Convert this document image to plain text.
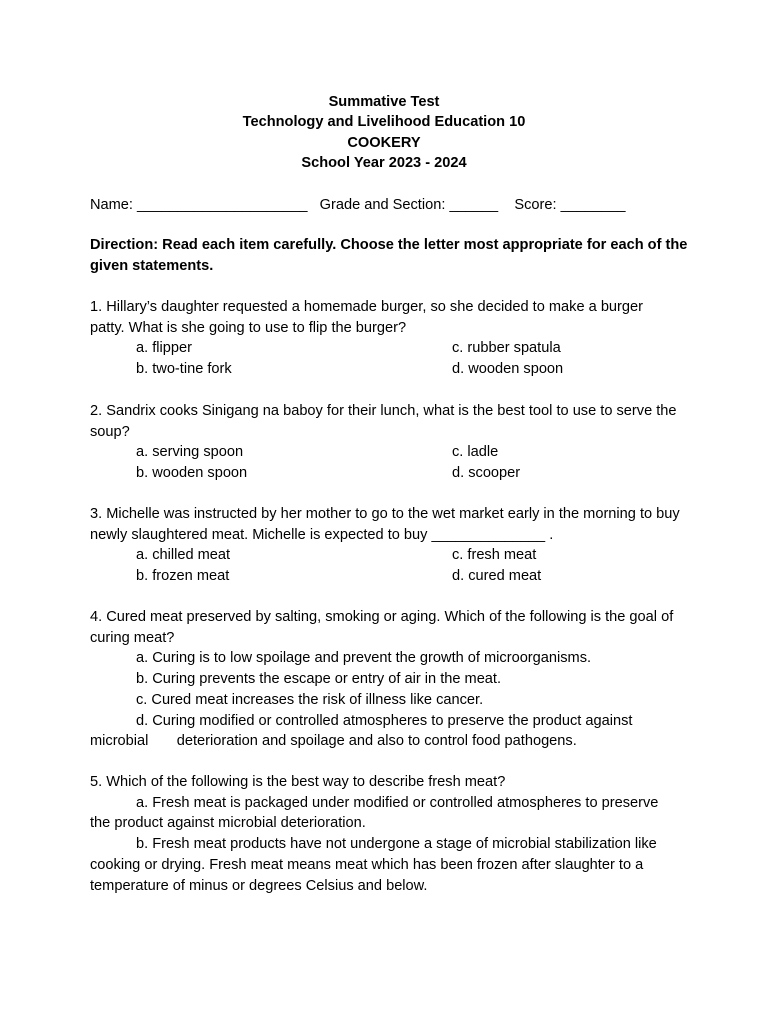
Summative Test
Technology and Livelihood Education 10
COOKERY
School Year 2023 - 2024
Name: _____________________   Grade and Section: ______    Score: ________
Direction: Read each item carefully. Choose the letter most appropriate for each of the given statements.
1. Hillary’s daughter requested a homemade burger, so she decided to make a burger patty. What is she going to use to flip the burger?
a. flipper	c. rubber spatula
b. two-tine fork	d. wooden spoon
2. Sandrix cooks Sinigang na baboy for their lunch, what is the best tool to use to serve the soup?
a. serving spoon	c. ladle
b. wooden spoon	d. scooper
3. Michelle was instructed by her mother to go to the wet market early in the morning to buy newly slaughtered meat. Michelle is expected to buy ______________ .
a. chilled meat	c. fresh meat
b. frozen meat	d. cured meat
4. Cured meat preserved by salting, smoking or aging. Which of the following is the goal of curing meat?
a. Curing is to low spoilage and prevent the growth of microorganisms.
b. Curing prevents the escape or entry of air in the meat.
c. Cured meat increases the risk of illness like cancer.
d. Curing modified or controlled atmospheres to preserve the product against microbial       deterioration and spoilage and also to control food pathogens.
5. Which of the following is the best way to describe fresh meat?
a. Fresh meat is packaged under modified or controlled atmospheres to preserve the product against microbial deterioration.
b. Fresh meat products have not undergone a stage of microbial stabilization like cooking or drying. Fresh meat means meat which has been frozen after slaughter to a temperature of minus or degrees Celsius and below.
